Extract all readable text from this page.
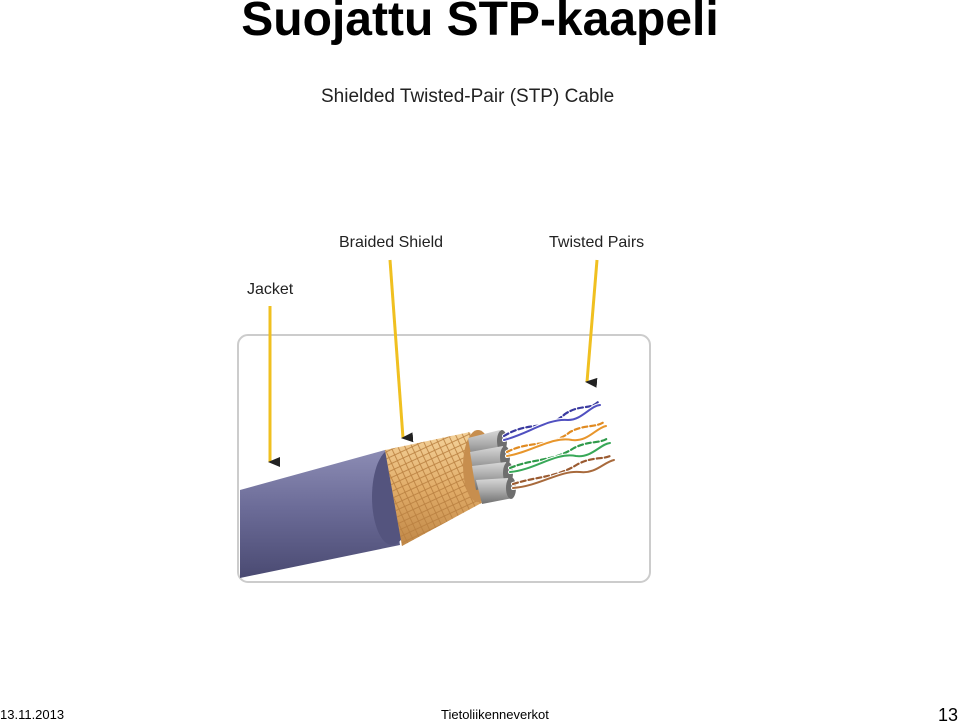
Suojattu STP-kaapeli
Shielded Twisted-Pair (STP) Cable
Jacket
Braided Shield	Twisted Pairs
13.11.2013	Tietoliikenneverkot	13
